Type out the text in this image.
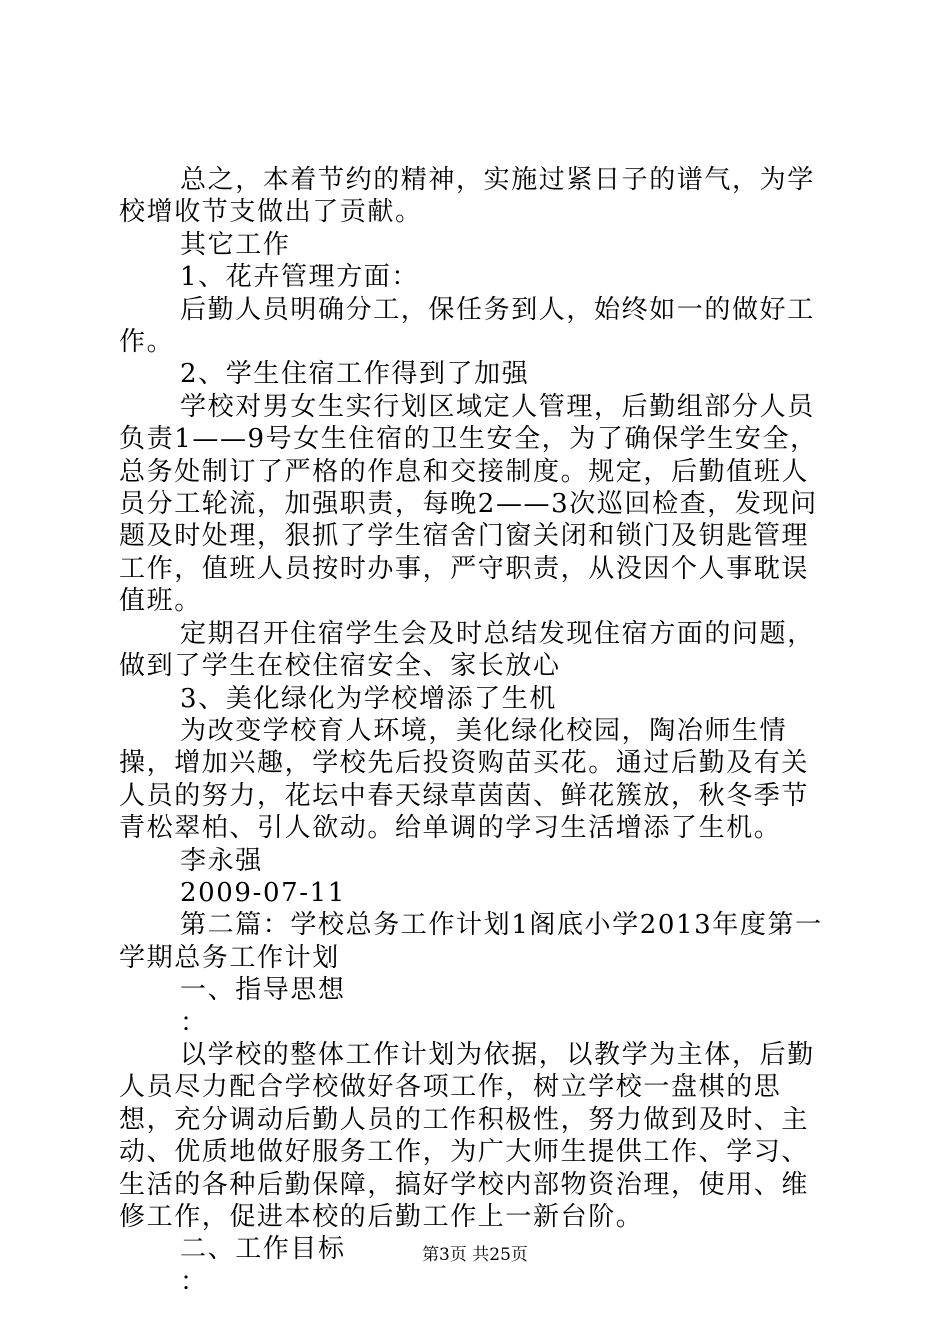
总之，本着节约的精神，实施过紧日子的谱气，为学校增收节支做出了贡献。

其它工作

1、花卉管理方面：

后勤人员明确分工，保任务到人，始终如一的做好工作。

2、学生住宿工作得到了加强

学校对男女生实行划区域定人管理，后勤组部分人员负责1——9号女生住宿的卫生安全，为了确保学生安全，总务处制订了严格的作息和交接制度。规定，后勤值班人员分工轮流，加强职责，每晚2——3次巡回检查，发现问题及时处理，狠抓了学生宿舍门窗关闭和锁门及钥匙管理工作，值班人员按时办事，严守职责，从没因个人事耽误值班。

定期召开住宿学生会及时总结发现住宿方面的问题，做到了学生在校住宿安全、家长放心

3、美化绿化为学校增添了生机

为改变学校育人环境，美化绿化校园，陶冶师生情操，增加兴趣，学校先后投资购苗买花。通过后勤及有关人员的努力，花坛中春天绿草茵茵、鲜花簇放，秋冬季节青松翠柏、引人欲动。给单调的学习生活增添了生机。

李永强

2009-07-11

第二篇：学校总务工作计划1阁底小学2013年度第一学期总务工作计划

一、指导思想

：

以学校的整体工作计划为依据，以教学为主体，后勤人员尽力配合学校做好各项工作，树立学校一盘棋的思想，充分调动后勤人员的工作积极性，努力做到及时、主动、优质地做好服务工作，为广大师生提供工作、学习、生活的各种后勤保障，搞好学校内部物资治理，使用、维修工作，促进本校的后勤工作上一新台阶。

二、工作目标

：

第3页 共25页
